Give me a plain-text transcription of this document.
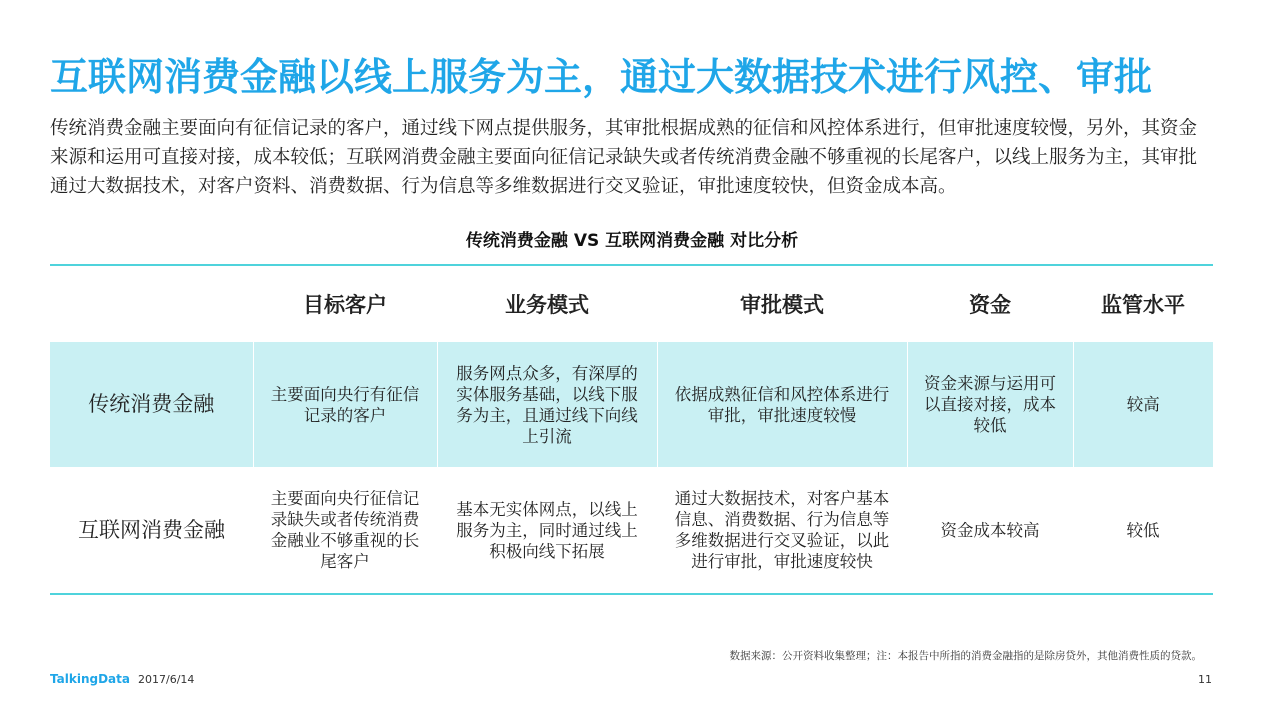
互联网消费金融以线上服务为主，通过大数据技术进行风控、审批
传统消费金融主要面向有征信记录的客户，通过线下网点提供服务，其审批根据成熟的征信和风控体系进行，但审批速度较慢，另外，其资金来源和运用可直接对接，成本较低；互联网消费金融主要面向征信记录缺失或者传统消费金融不够重视的长尾客户，以线上服务为主，其审批通过大数据技术，对客户资料、消费数据、行为信息等多维数据进行交叉验证，审批速度较快，但资金成本高。
传统消费金融 VS 互联网消费金融 对比分析
	目标客户	业务模式	审批模式	资金	监管水平
传统消费金融	主要面向央行有征信记录的客户	服务网点众多，有深厚的实体服务基础，以线下服务为主，且通过线下向线上引流	依据成熟征信和风控体系进行审批，审批速度较慢	资金来源与运用可以直接对接，成本较低	较高
互联网消费金融	主要面向央行征信记录缺失或者传统消费金融业不够重视的长尾客户	基本无实体网点，以线上服务为主，同时通过线上积极向线下拓展	通过大数据技术，对客户基本信息、消费数据、行为信息等多维数据进行交叉验证，以此进行审批，审批速度较快	资金成本较高	较低
数据来源：公开资料收集整理；注：本报告中所指的消费金融指的是除房贷外，其他消费性质的贷款。
TalkingData 2017/6/14	11
